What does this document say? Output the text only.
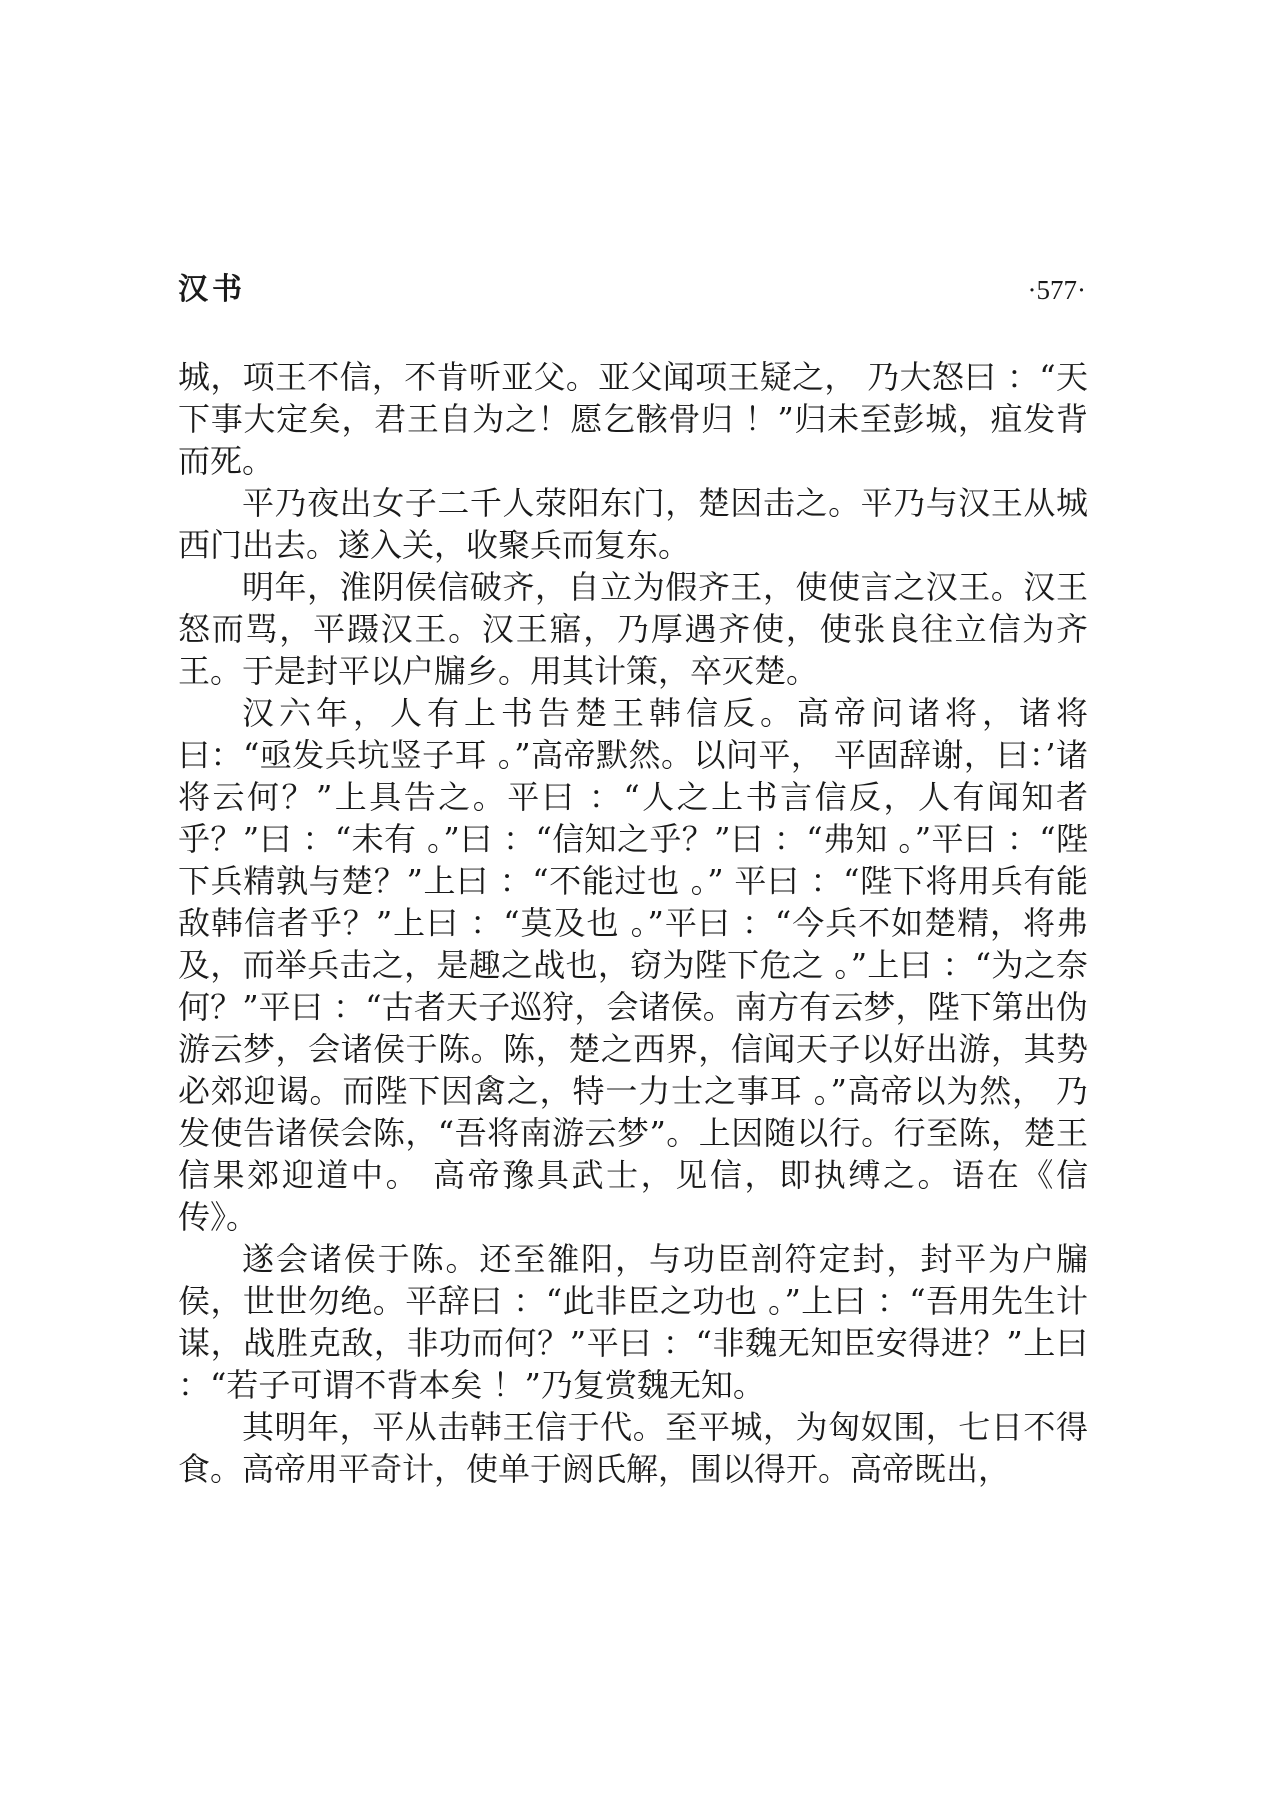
汉书	·577·

城，项王不信，不肯听亚父。亚父闻项王疑之， 乃大怒曰 ：“天下事大定矣，君王自为之！愿乞骸骨归 ！”归未至彭城，疽发背而死。

平乃夜出女子二千人荥阳东门，楚因击之。平乃与汉王从城西门出去。遂入关，收聚兵而复东。

明年，淮阴侯信破齐，自立为假齐王，使使言之汉王。汉王怒而骂，平蹑汉王。汉王寤，乃厚遇齐使，使张良往立信为齐王。于是封平以户牖乡。用其计策，卒灭楚。

汉六年，人有上书告楚王韩信反。高帝问诸将，诸将曰：“亟发兵坑竖子耳 。”高帝默然。以问平， 平固辞谢，曰：’诸将云何？”上具告之。平曰 ：“人之上书言信反，人有闻知者乎？”曰 ：“未有 。”曰 ：“信知之乎？”曰 ：“弗知 。”平曰 ：“陛下兵精孰与楚？”上曰 ：“不能过也 。” 平曰 ：“陛下将用兵有能敌韩信者乎？”上曰 ：“莫及也 。”平曰 ：“今兵不如楚精，将弗及，而举兵击之，是趣之战也，窃为陛下危之 。”上曰 ：“为之奈何？”平曰 ：“古者天子巡狩，会诸侯。南方有云梦，陛下第出伪游云梦，会诸侯于陈。陈，楚之西界，信闻天子以好出游，其势必郊迎谒。而陛下因禽之，特一力士之事耳 。”高帝以为然， 乃发使告诸侯会陈，“吾将南游云梦”。上因随以行。行至陈，楚王信果郊迎道中。 高帝豫具武士，见信，即执缚之。语在《信传》。

遂会诸侯于陈。还至雒阳，与功臣剖符定封，封平为户牖侯，世世勿绝。平辞曰 ：“此非臣之功也 。”上曰 ：“吾用先生计谋，战胜克敌，非功而何？”平曰 ：“非魏无知臣安得进？”上曰 ：“若子可谓不背本矣 ！”乃复赏魏无知。

其明年，平从击韩王信于代。至平城，为匈奴围，七日不得食。高帝用平奇计，使单于阏氏解，围以得开。高帝既出，
